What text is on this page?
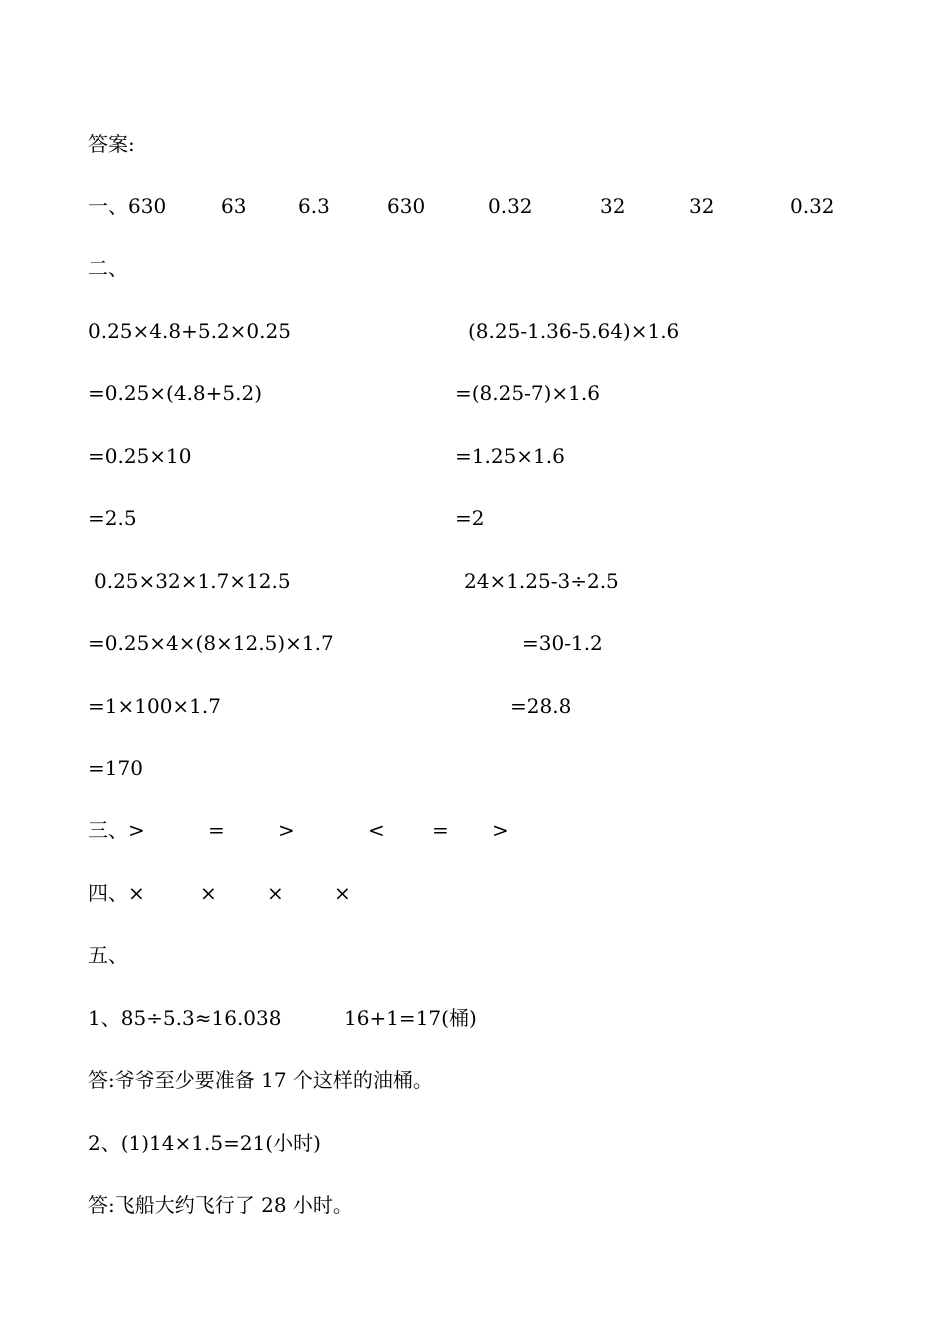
答案:
一、630	63	6.3	630	0.32	32	32	0.32
二、
0.25×4.8+5.2×0.25	(8.25-1.36-5.64)×1.6
=0.25×(4.8+5.2)	=(8.25-7)×1.6
=0.25×10	=1.25×1.6
=2.5	=2
0.25×32×1.7×12.5	24×1.25-3÷2.5
=0.25×4×(8×12.5)×1.7	=30-1.2
=1×100×1.7	=28.8
=170
三、>	=	>	< = >
四、×	×	×	×
五、
1、85÷5.3≈16.038	16+1=17(桶)
答:爷爷至少要准备 17 个这样的油桶。
2、(1)14×1.5=21(小时)
答:飞船大约飞行了 28 小时。
